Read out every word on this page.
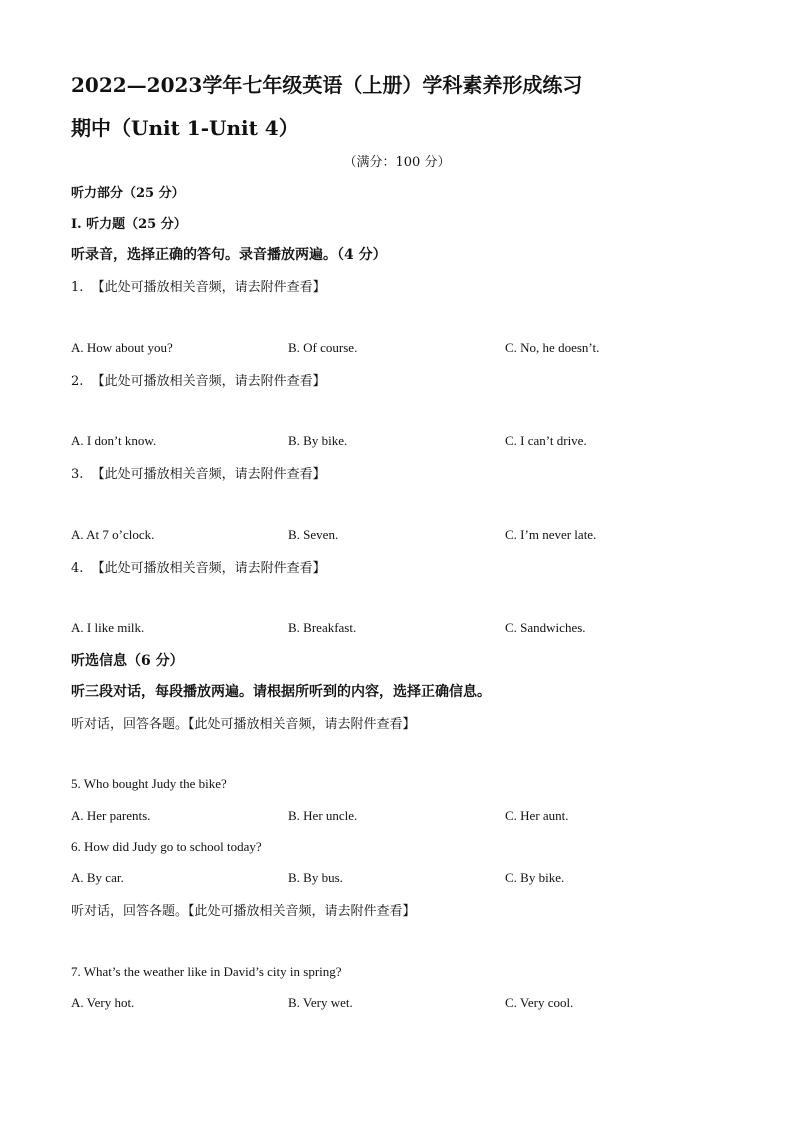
2022—2023学年七年级英语（上册）学科素养形成练习
期中（Unit 1-Unit 4）
（满分：100 分）
听力部分（25 分）
Ⅰ. 听力题（25 分）
听录音，选择正确的答句。录音播放两遍。（4 分）
1. 【此处可播放相关音频，请去附件查看】
A. How about you?	B. Of course.	C. No, he doesn’t.
2. 【此处可播放相关音频，请去附件查看】
A. I don’t know.	B. By bike.	C. I can’t drive.
3. 【此处可播放相关音频，请去附件查看】
A. At 7 o’clock.	B. Seven.	C. I’m never late.
4. 【此处可播放相关音频，请去附件查看】
A. I like milk.	B. Breakfast.	C. Sandwiches.
听选信息（6 分）
听三段对话，每段播放两遍。请根据所听到的内容，选择正确信息。
听对话，回答各题。【此处可播放相关音频，请去附件查看】
5. Who bought Judy the bike?
A. Her parents.	B. Her uncle.	C. Her aunt.
6. How did Judy go to school today?
A. By car.	B. By bus.	C. By bike.
听对话，回答各题。【此处可播放相关音频，请去附件查看】
7. What’s the weather like in David’s city in spring?
A. Very hot.	B. Very wet.	C. Very cool.
